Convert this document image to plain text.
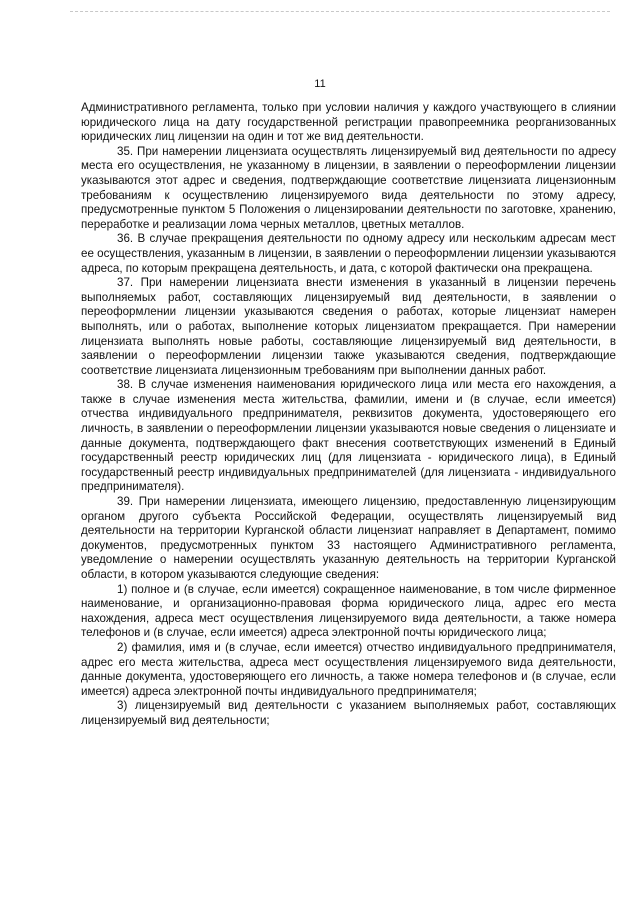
11

Административного регламента, только при условии наличия у каждого участвующего в слиянии юридического лица на дату государственной регистрации правопреемника реорганизованных юридических лиц лицензии на один и тот же вид деятельности.

35. При намерении лицензиата осуществлять лицензируемый вид деятельности по адресу места его осуществления, не указанному в лицензии, в заявлении о переоформлении лицензии указываются этот адрес и сведения, подтверждающие соответствие лицензиата лицензионным требованиям к осуществлению лицензируемого вида деятельности по этому адресу, предусмотренные пунктом 5 Положения о лицензировании деятельности по заготовке, хранению, переработке и реализации лома черных металлов, цветных металлов.

36. В случае прекращения деятельности по одному адресу или нескольким адресам мест ее осуществления, указанным в лицензии, в заявлении о переоформлении лицензии указываются адреса, по которым прекращена деятельность, и дата, с которой фактически она прекращена.

37. При намерении лицензиата внести изменения в указанный в лицензии перечень выполняемых работ, составляющих лицензируемый вид деятельности, в заявлении о переоформлении лицензии указываются сведения о работах, которые лицензиат намерен выполнять, или о работах, выполнение которых лицензиатом прекращается. При намерении лицензиата выполнять новые работы, составляющие лицензируемый вид деятельности, в заявлении о переоформлении лицензии также указываются сведения, подтверждающие соответствие лицензиата лицензионным требованиям при выполнении данных работ.

38. В случае изменения наименования юридического лица или места его нахождения, а также в случае изменения места жительства, фамилии, имени и (в случае, если имеется) отчества индивидуального предпринимателя, реквизитов документа, удостоверяющего его личность, в заявлении о переоформлении лицензии указываются новые сведения о лицензиате и данные документа, подтверждающего факт внесения соответствующих изменений в Единый государственный реестр юридических лиц (для лицензиата - юридического лица), в Единый государственный реестр индивидуальных предпринимателей (для лицензиата - индивидуального предпринимателя).

39. При намерении лицензиата, имеющего лицензию, предоставленную лицензирующим органом другого субъекта Российской Федерации, осуществлять лицензируемый вид деятельности на территории Курганской области лицензиат направляет в Департамент, помимо документов, предусмотренных пунктом 33 настоящего Административного регламента, уведомление о намерении осуществлять указанную деятельность на территории Курганской области, в котором указываются следующие сведения:

1) полное и (в случае, если имеется) сокращенное наименование, в том числе фирменное наименование, и организационно-правовая форма юридического лица, адрес его места нахождения, адреса мест осуществления лицензируемого вида деятельности, а также номера телефонов и (в случае, если имеется) адреса электронной почты юридического лица;

2) фамилия, имя и (в случае, если имеется) отчество индивидуального предпринимателя, адрес его места жительства, адреса мест осуществления лицензируемого вида деятельности, данные документа, удостоверяющего его личность, а также номера телефонов и (в случае, если имеется) адреса электронной почты индивидуального предпринимателя;

3) лицензируемый вид деятельности с указанием выполняемых работ, составляющих лицензируемый вид деятельности;
